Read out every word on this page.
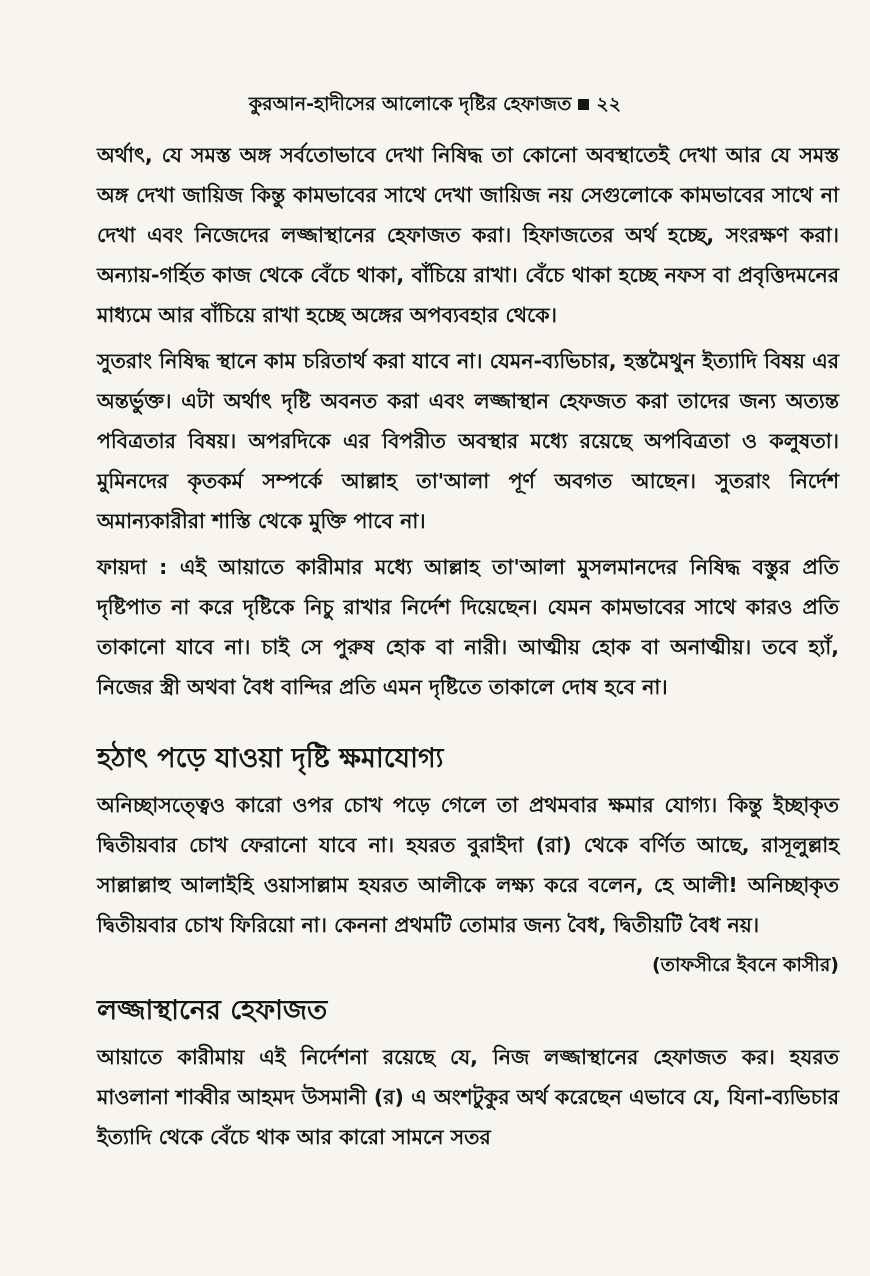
কুরআন-হাদীসের আলোকে দৃষ্টির হেফাজত ২২

অর্থাৎ, যে সমস্ত অঙ্গ সর্বতোভাবে দেখা নিষিদ্ধ তা কোনো অবস্থাতেই দেখা আর যে সমস্ত অঙ্গ দেখা জায়িজ কিন্তু কামভাবের সাথে দেখা জায়িজ নয় সেগুলোকে কামভাবের সাথে না দেখা এবং নিজেদের লজ্জাস্থানের হেফাজত করা। হিফাজতের অর্থ হচ্ছে, সংরক্ষণ করা। অন্যায়-গর্হিত কাজ থেকে বেঁচে থাকা, বাঁচিয়ে রাখা। বেঁচে থাকা হচ্ছে নফস বা প্রবৃত্তিদমনের মাধ্যমে আর বাঁচিয়ে রাখা হচ্ছে অঙ্গের অপব্যবহার থেকে।

সুতরাং নিষিদ্ধ স্থানে কাম চরিতার্থ করা যাবে না। যেমন-ব্যভিচার, হস্তমৈথুন ইত্যাদি বিষয় এর অন্তর্ভুক্ত। এটা অর্থাৎ দৃষ্টি অবনত করা এবং লজ্জাস্থান হেফজত করা তাদের জন্য অত্যন্ত পবিত্রতার বিষয়। অপরদিকে এর বিপরীত অবস্থার মধ্যে রয়েছে অপবিত্রতা ও কলুষতা। মুমিনদের কৃতকর্ম সম্পর্কে আল্লাহ তা'আলা পূর্ণ অবগত আছেন। সুতরাং নির্দেশ অমান্যকারীরা শাস্তি থেকে মুক্তি পাবে না।

ফায়দা : এই আয়াতে কারীমার মধ্যে আল্লাহ তা'আলা মুসলমানদের নিষিদ্ধ বস্তুর প্রতি দৃষ্টিপাত না করে দৃষ্টিকে নিচু রাখার নির্দেশ দিয়েছেন। যেমন কামভাবের সাথে কারও প্রতি তাকানো যাবে না। চাই সে পুরুষ হোক বা নারী। আত্মীয় হোক বা অনাত্মীয়। তবে হ্যাঁ, নিজের স্ত্রী অথবা বৈধ বান্দির প্রতি এমন দৃষ্টিতে তাকালে দোষ হবে না।

হঠাৎ পড়ে যাওয়া দৃষ্টি ক্ষমাযোগ্য

অনিচ্ছাসত্ত্বেও কারো ওপর চোখ পড়ে গেলে তা প্রথমবার ক্ষমার যোগ্য। কিন্তু ইচ্ছাকৃত দ্বিতীয়বার চোখ ফেরানো যাবে না। হযরত বুরাইদা (রা) থেকে বর্ণিত আছে, রাসূলুল্লাহ সাল্লাল্লাহু আলাইহি ওয়াসাল্লাম হযরত আলীকে লক্ষ্য করে বলেন, হে আলী! অনিচ্ছাকৃত দ্বিতীয়বার চোখ ফিরিয়ো না। কেননা প্রথমটি তোমার জন্য বৈধ, দ্বিতীয়টি বৈধ নয়।

(তাফসীরে ইবনে কাসীর)

লজ্জাস্থানের হেফাজত

আয়াতে কারীমায় এই নির্দেশনা রয়েছে যে, নিজ লজ্জাস্থানের হেফাজত কর। হযরত মাওলানা শাব্বীর আহমদ উসমানী (র) এ অংশটুকুর অর্থ করেছেন এভাবে যে, যিনা-ব্যভিচার ইত্যাদি থেকে বেঁচে থাক আর কারো সামনে সতর
